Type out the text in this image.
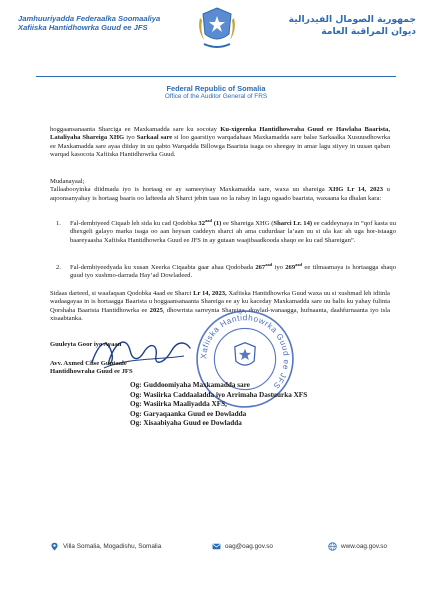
Jamhuuriyadda Federaalka Soomaaliya
Xafiiska Hantidhowrka Guud ee JFS
جمهورية الصومال الفيدرالية
ديوان المراقبة العامة
Federal Republic of Somalia
Office of the Auditor General of FRS
hoggaansanaanta Sharciga ee Maxkamadda sare ku socotay Ku-xigeenka Hantidhowraha Guud ee Hawlaha Baarista, Lataliyaha Shareiga XHG iyo Sarkaal sare si loo gaarsiiyo warqadahaas Maxkamadda sare balse Sarkaalka Xusuusdhowrka ee Maxkamadda sare ayaa diiday in uu qabto Warqadda Billowga Baarista isaga oo sheegay in amar lagu siiyey in uusan qaban warqad kasocota Xafiiska Hantidhowrka Guud.
Mudanayaal;
Tallaabooyinka diidmada iyo is hortaag ee ay sameeyisay Maxkamadda sare, waxa uu shareiga XHG Lr 14, 2023 u aqoonsanyahay is hortaag baaris oo lafteeda ah Sharci jebin taas oo la rabay in lagu ogaado baarista, waxaana ka dhalan kara:
1. Fal-dembiyeed Ciqaab leh sida ku cad Qodobka $32^{aad}$ (1) ee Shareiga XHG (Sharci Lr. 14) ee caddeynaya in “qof kasta uu dhexgeli galayo marka isaga oo aan heysan caddeyn sharci ah ama cudurdaar la’aan uu si ula kac ah uga hor-istaago baareyaasha Xafiiska Hantidhowrka Guud ee JFS in ay gutaan waajibaadkooda shaqo ee ku cad Shareigan”.
2. Fal-dembiyeedyada ku xusan Xeerka Ciqaabta gaar ahaa Qodobada $267^{aad}$ iyo $269^{aad}$ ee tilmaamaya is hortaagga shaqo guud iyo xushmo-darrada Hay’ad Dowladeed.
Sidaas darteed, si waafaqsan Qodobka 4aad ee Sharci Lr 14, 2023, Xafiiska Hantidhowrka Guud waxa uu si xushmad leh idiinla wadaagayaa in is hortaagga Baarista u hoggaansanaanta Shareiga ee ay ku kaceday Maxkamadda sare uu halis ku yahay fulinta Qorshaha Baarista Hantidhowrka ee 2025, dhowrista sarreynta Shareiga, dowlad-wanaagga, hufnaanta, daahfurnaanta iyo isla xisaabtanka.
Xafiiska Hantidhowrka Guud ee JFS
Guuleyta Goor iyo Ayaan
Avv. Axmed Ciise Guutaale
Hantidhowraha Guud ee JFS
Og: Guddoomiyaha Maxkamadda sare
Og: Wasiirka Caddaaladda iyo Arrimaha Dastuurka XFS
Og: Wasiirka Maaliyadda XFS,
Og: Garyaqaanka Guud ee Dowladda
Og: Xisaabiyaha Guud ee Dowladda
Villa Somalia, Mogadishu, Somalia	oag@oag.gov.so	www.oag.gov.so
